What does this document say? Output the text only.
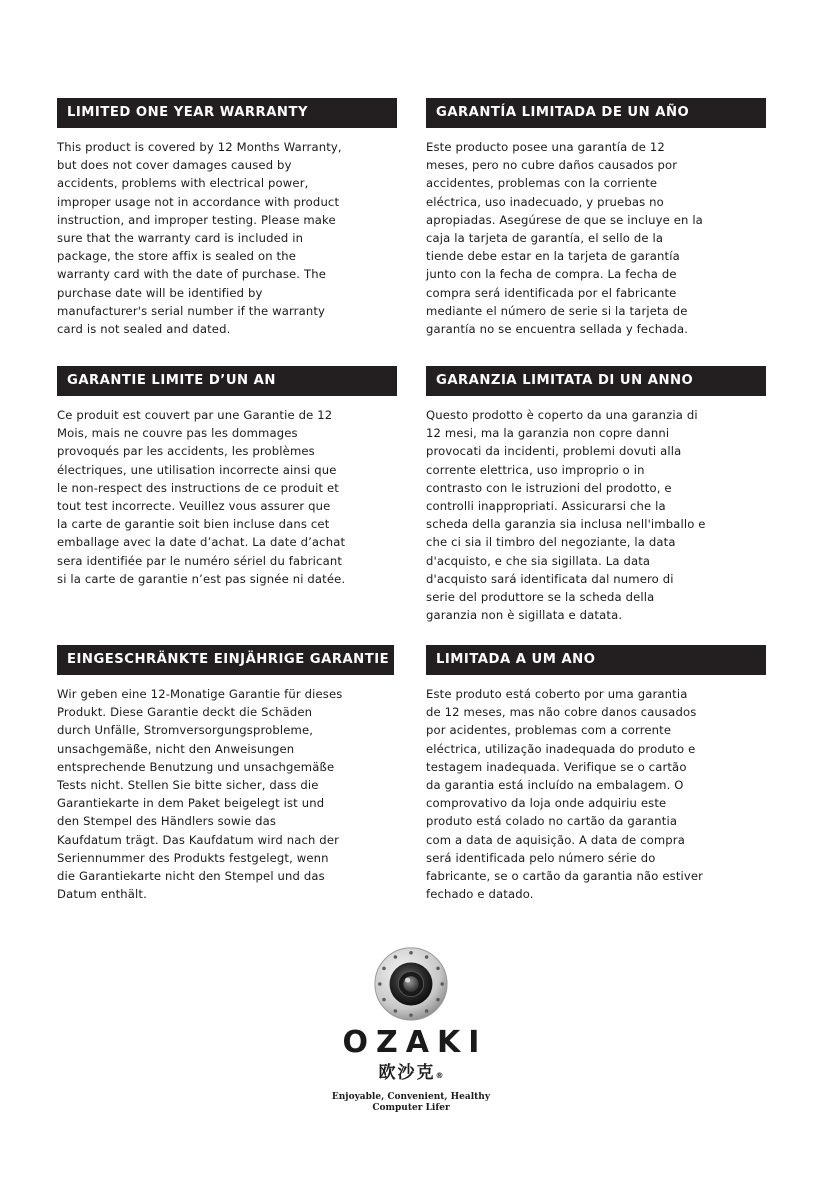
LIMITED ONE YEAR WARRANTY
This product is covered by 12 Months Warranty,
but does not cover damages caused by
accidents, problems with electrical power,
improper usage not in accordance with product
instruction, and improper testing. Please make
sure that the warranty card is included in
package, the store affix is sealed on the
warranty card with the date of purchase. The
purchase date will be identified by
manufacturer's serial number if the warranty
card is not sealed and dated.
GARANTÍA LIMITADA DE UN AÑO
Este producto posee una garantía de 12
meses, pero no cubre daños causados por
accidentes, problemas con la corriente
eléctrica, uso inadecuado, y pruebas no
apropiadas. Asegúrese de que se incluye en la
caja la tarjeta de garantía, el sello de la
tiende debe estar en la tarjeta de garantía
junto con la fecha de compra. La fecha de
compra será identificada por el fabricante
mediante el número de serie si la tarjeta de
garantía no se encuentra sellada y fechada.
GARANTIE LIMITE D’UN AN
Ce produit est couvert par une Garantie de 12
Mois, mais ne couvre pas les dommages
provoqués par les accidents, les problèmes
électriques, une utilisation incorrecte ainsi que
le non-respect des instructions de ce produit et
tout test incorrecte. Veuillez vous assurer que
la carte de garantie soit bien incluse dans cet
emballage avec la date d’achat. La date d’achat
sera identifiée par le numéro sériel du fabricant
si la carte de garantie n’est pas signée ni datée.
GARANZIA LIMITATA DI UN ANNO
Questo prodotto è coperto da una garanzia di
12 mesi, ma la garanzia non copre danni
provocati da incidenti, problemi dovuti alla
corrente elettrica, uso improprio o in
contrasto con le istruzioni del prodotto, e
controlli inappropriati. Assicurarsi che la
scheda della garanzia sia inclusa nell'imballo e
che ci sia il timbro del negoziante, la data
d'acquisto, e che sia sigillata. La data
d'acquisto sará identificata dal numero di
serie del produttore se la scheda della
garanzia non è sigillata e datata.
EINGESCHRÄNKTE EINJÄHRIGE GARANTIE
Wir geben eine 12-Monatige Garantie für dieses
Produkt. Diese Garantie deckt die Schäden
durch Unfälle, Stromversorgungsprobleme,
unsachgemäße, nicht den Anweisungen
entsprechende Benutzung und unsachgemäße
Tests nicht. Stellen Sie bitte sicher, dass die
Garantiekarte in dem Paket beigelegt ist und
den Stempel des Händlers sowie das
Kaufdatum trägt. Das Kaufdatum wird nach der
Seriennummer des Produkts festgelegt, wenn
die Garantiekarte nicht den Stempel und das
Datum enthält.
LIMITADA A UM ANO
Este produto está coberto por uma garantia
de 12 meses, mas não cobre danos causados
por acidentes, problemas com a corrente
eléctrica, utilização inadequada do produto e
testagem inadequada. Verifique se o cartão
da garantia está incluído na embalagem. O
comprovativo da loja onde adquiriu este
produto está colado no cartão da garantia
com a data de aquisição. A data de compra
será identificada pelo número série do
fabricante, se o cartão da garantia não estiver
fechado e datado.
OZAKI
欧沙克®
Enjoyable, Convenient, Healthy
Computer Lifer
